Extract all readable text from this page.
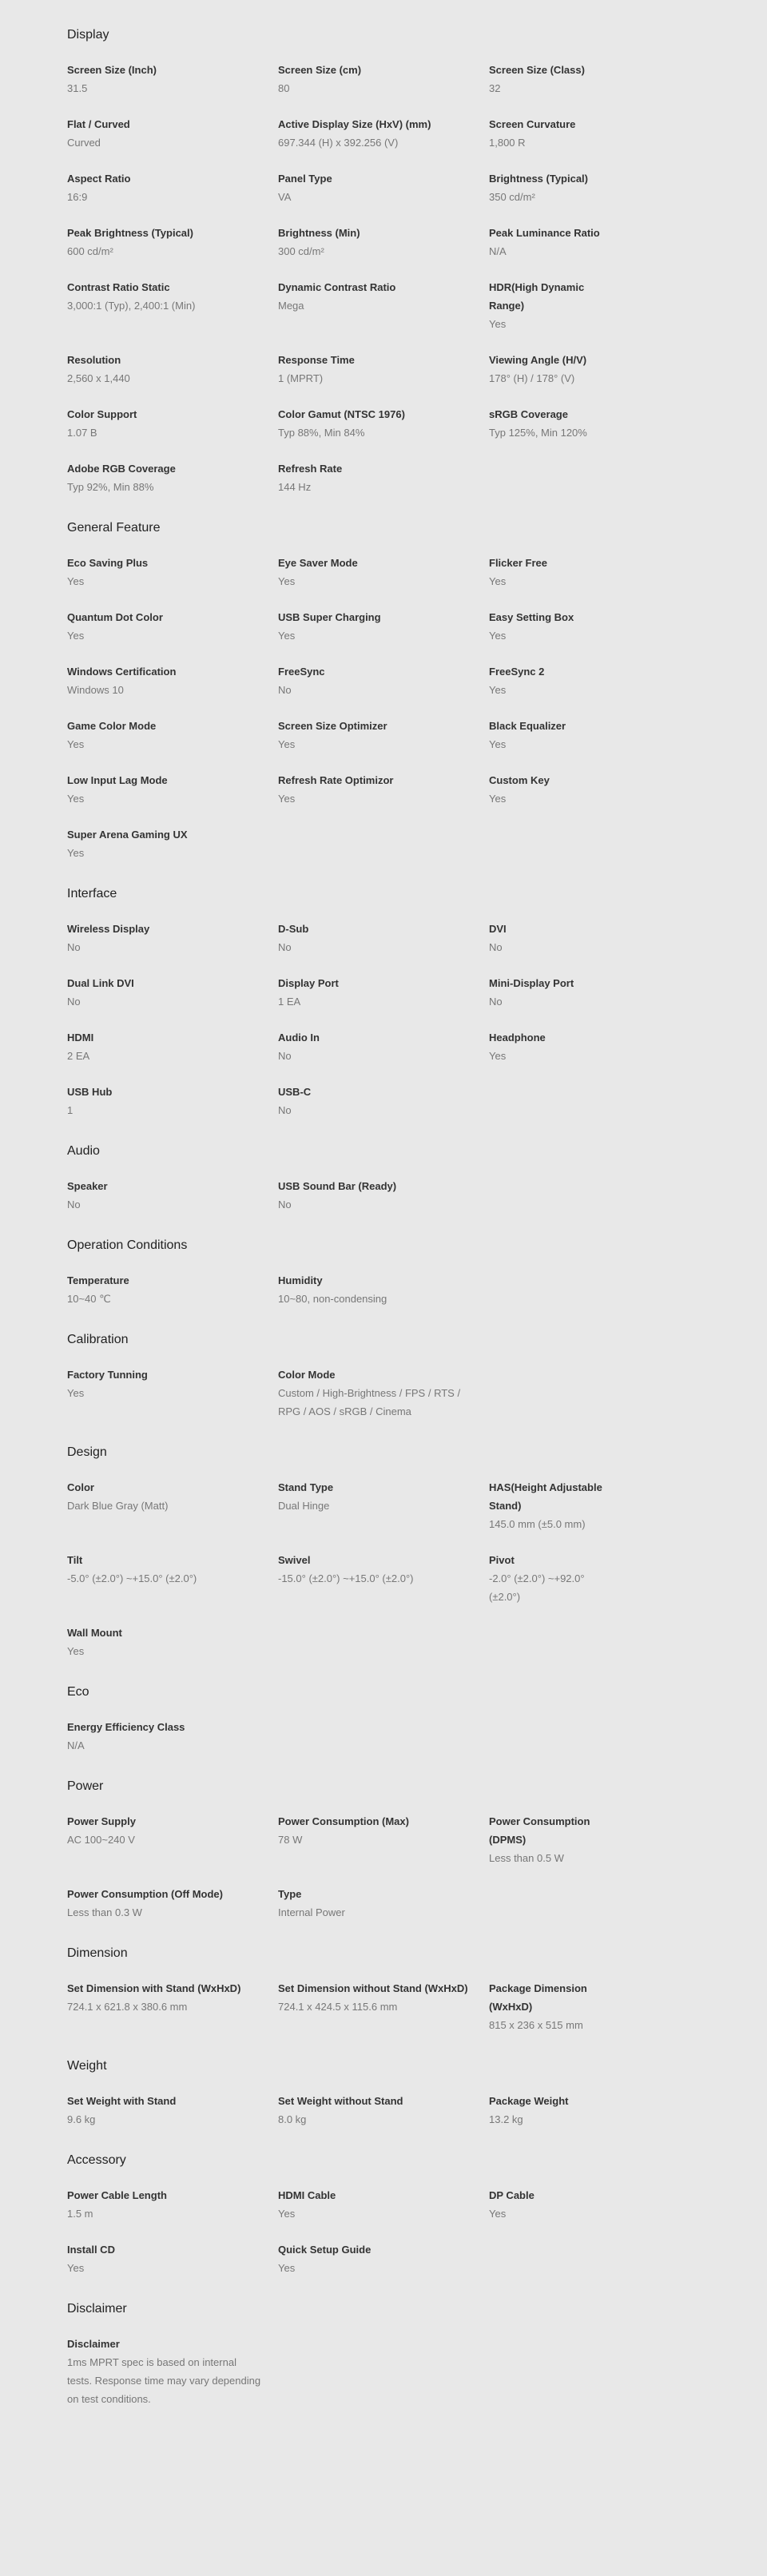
Display
Screen Size (Inch)
31.5
Screen Size (cm)
80
Screen Size (Class)
32
Flat / Curved
Curved
Active Display Size (HxV) (mm)
697.344 (H) x 392.256 (V)
Screen Curvature
1,800 R
Aspect Ratio
16:9
Panel Type
VA
Brightness (Typical)
350 cd/m²
Peak Brightness (Typical)
600 cd/m²
Brightness (Min)
300 cd/m²
Peak Luminance Ratio
N/A
Contrast Ratio Static
3,000:1 (Typ), 2,400:1 (Min)
Dynamic Contrast Ratio
Mega
HDR(High Dynamic Range)
Yes
Resolution
2,560 x 1,440
Response Time
1 (MPRT)
Viewing Angle (H/V)
178° (H) / 178° (V)
Color Support
1.07 B
Color Gamut (NTSC 1976)
Typ 88%, Min 84%
sRGB Coverage
Typ 125%, Min 120%
Adobe RGB Coverage
Typ 92%, Min 88%
Refresh Rate
144 Hz
General Feature
Eco Saving Plus
Yes
Eye Saver Mode
Yes
Flicker Free
Yes
Quantum Dot Color
Yes
USB Super Charging
Yes
Easy Setting Box
Yes
Windows Certification
Windows 10
FreeSync
No
FreeSync 2
Yes
Game Color Mode
Yes
Screen Size Optimizer
Yes
Black Equalizer
Yes
Low Input Lag Mode
Yes
Refresh Rate Optimizor
Yes
Custom Key
Yes
Super Arena Gaming UX
Yes
Interface
Wireless Display
No
D-Sub
No
DVI
No
Dual Link DVI
No
Display Port
1 EA
Mini-Display Port
No
HDMI
2 EA
Audio In
No
Headphone
Yes
USB Hub
1
USB-C
No
Audio
Speaker
No
USB Sound Bar (Ready)
No
Operation Conditions
Temperature
10~40 ℃
Humidity
10~80, non-condensing
Calibration
Factory Tunning
Yes
Color Mode
Custom / High-Brightness / FPS / RTS / RPG / AOS / sRGB / Cinema
Design
Color
Dark Blue Gray (Matt)
Stand Type
Dual Hinge
HAS(Height Adjustable Stand)
145.0 mm (±5.0 mm)
Tilt
-5.0° (±2.0°) ~+15.0° (±2.0°)
Swivel
-15.0° (±2.0°) ~+15.0° (±2.0°)
Pivot
-2.0° (±2.0°) ~+92.0° (±2.0°)
Wall Mount
Yes
Eco
Energy Efficiency Class
N/A
Power
Power Supply
AC 100~240 V
Power Consumption (Max)
78 W
Power Consumption (DPMS)
Less than 0.5 W
Power Consumption (Off Mode)
Less than 0.3 W
Type
Internal Power
Dimension
Set Dimension with Stand (WxHxD)
724.1 x 621.8 x 380.6 mm
Set Dimension without Stand (WxHxD)
724.1 x 424.5 x 115.6 mm
Package Dimension (WxHxD)
815 x 236 x 515 mm
Weight
Set Weight with Stand
9.6 kg
Set Weight without Stand
8.0 kg
Package Weight
13.2 kg
Accessory
Power Cable Length
1.5 m
HDMI Cable
Yes
DP Cable
Yes
Install CD
Yes
Quick Setup Guide
Yes
Disclaimer
Disclaimer
1ms MPRT spec is based on internal tests. Response time may vary depending on test conditions.
